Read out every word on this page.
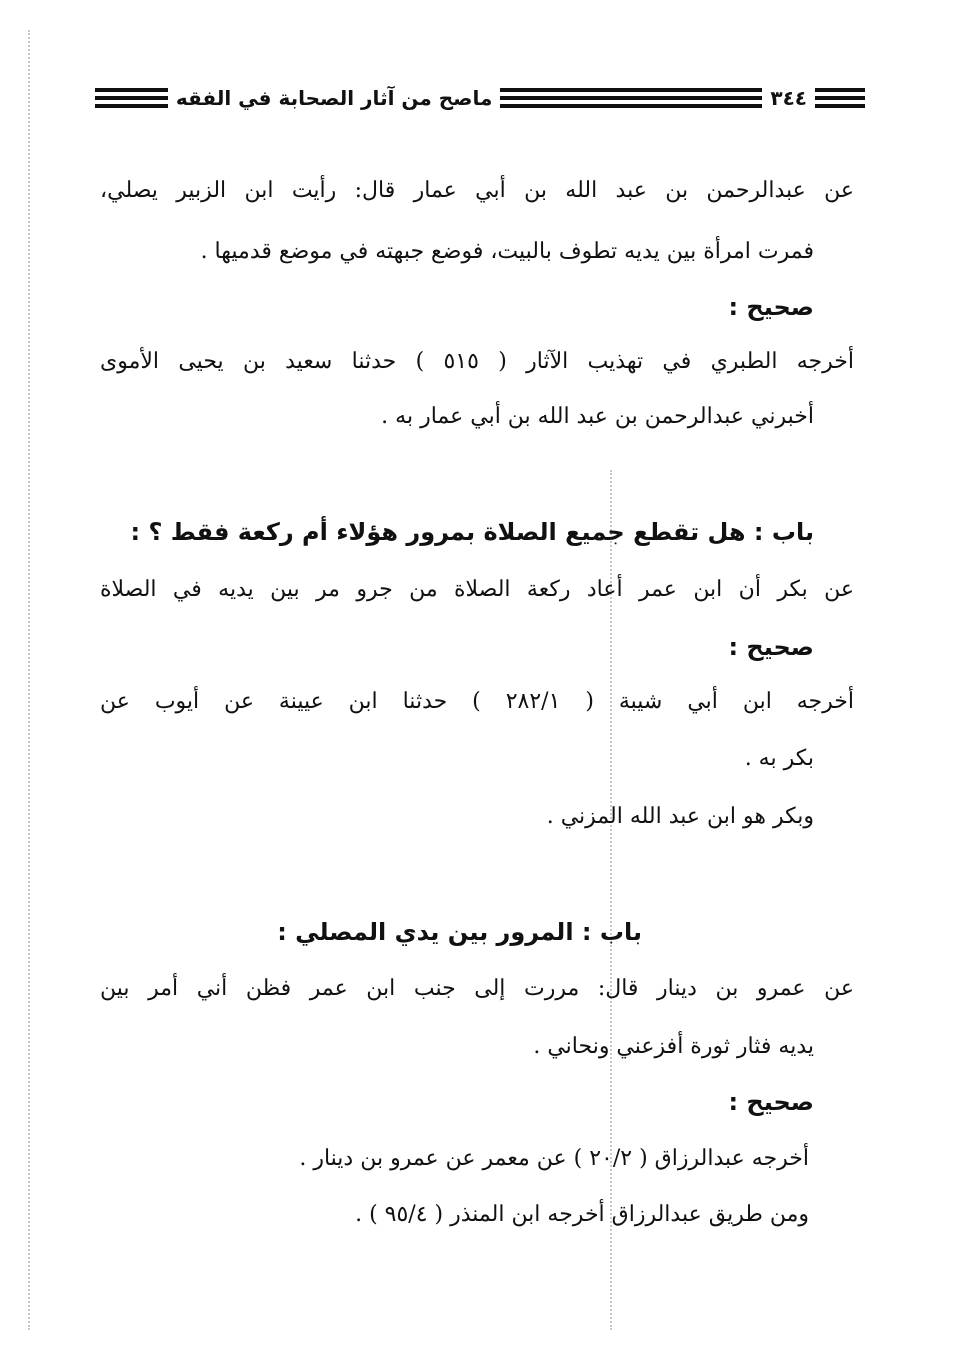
٣٤٤
ماصح من آثار الصحابة في الفقه
عن عبدالرحمن بن عبد الله بن أبي عمار قال: رأيت ابن الزبير يصلي،
فمرت امرأة بين يديه تطوف بالبيت، فوضع جبهته في موضع قدميها .
صحيح :
أخرجه الطبري في تهذيب الآثار ( ٥١٥ ) حدثنا سعيد بن يحيى الأموى
أخبرني عبدالرحمن بن عبد الله بن أبي عمار به .
باب : هل تقطع جميع الصلاة بمرور هؤلاء أم ركعة فقط ؟ :
عن بكر أن ابن عمر أعاد ركعة الصلاة من جرو مر بين يديه في الصلاة
صحيح :
أخرجه ابن أبي شيبة ( ٢٨٢/١ ) حدثنا ابن عيينة عن أيوب عن
بكر به .
وبكر هو ابن عبد الله المزني .
باب : المرور بين يدي المصلي :
عن عمرو بن دينار قال: مررت إلى جنب ابن عمر فظن أني أمر بين
يديه فثار ثورة أفزعني ونحاني .
صحيح :
أخرجه عبدالرزاق ( ٢٠/٢ ) عن معمر عن عمرو بن دينار .
ومن طريق عبدالرزاق أخرجه ابن المنذر ( ٩٥/٤ ) .
